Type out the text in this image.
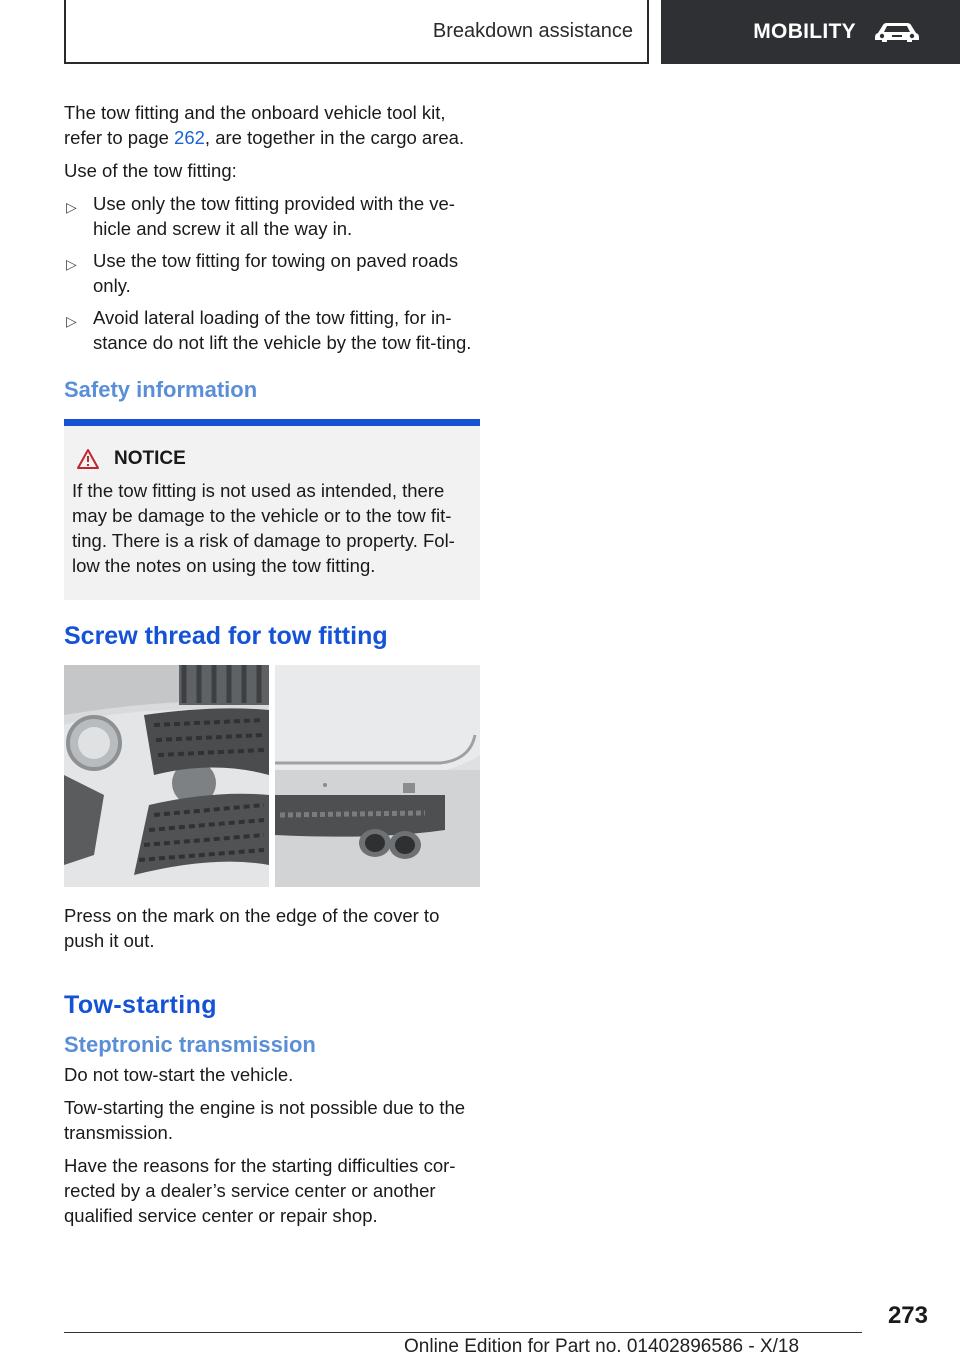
Breakdown assistance	MOBILITY

The tow fitting and the onboard vehicle tool kit, refer to page 262, are together in the cargo area.

Use of the tow fitting:

▷ Use only the tow fitting provided with the ve-hicle and screw it all the way in.
▷ Use the tow fitting for towing on paved roads only.
▷ Avoid lateral loading of the tow fitting, for in-stance do not lift the vehicle by the tow fit-ting.
Safety information
NOTICE
If the tow fitting is not used as intended, there may be damage to the vehicle or to the tow fit-ting. There is a risk of damage to property. Fol-low the notes on using the tow fitting.
Screw thread for tow fitting

Press on the mark on the edge of the cover to push it out.

Tow-starting
Steptronic transmission

Do not tow-start the vehicle.

Tow-starting the engine is not possible due to the transmission.

Have the reasons for the starting difficulties cor-rected by a dealer’s service center or another qualified service center or repair shop.

273
Online Edition for Part no. 01402896586 - X/18
